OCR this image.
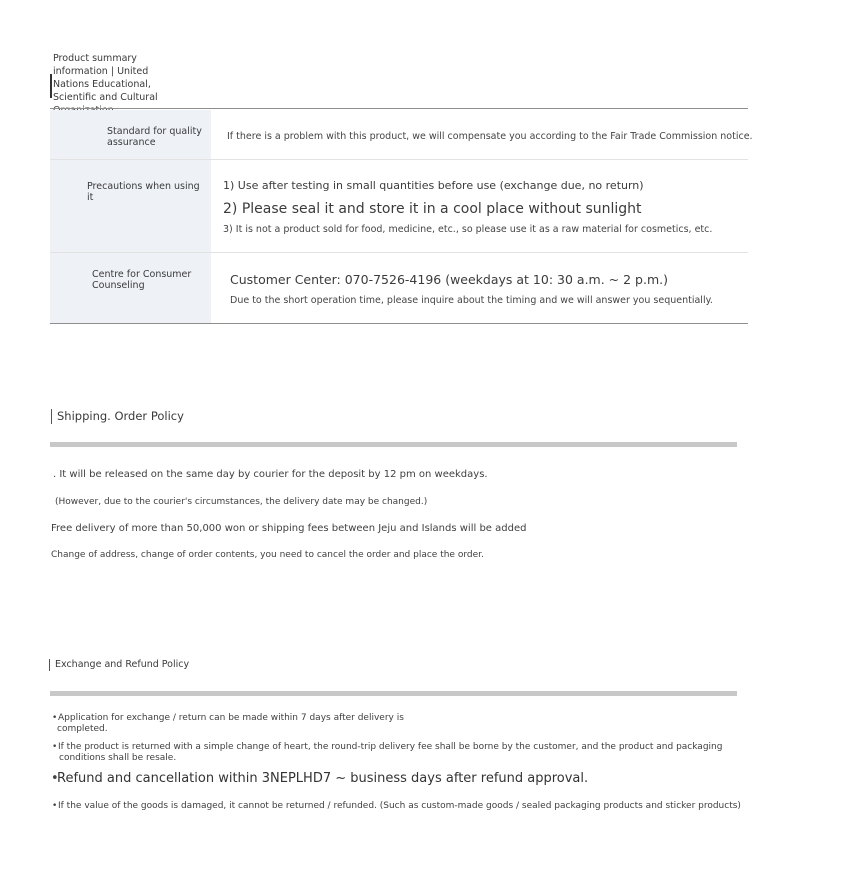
Product summary information | United Nations Educational, Scientific and Cultural
Standard for quality assurance
If there is a problem with this product, we will compensate you according to the Fair Trade Commission notice.
Precautions when using it
1) Use after testing in small quantities before use (exchange due, no return)
2) Please seal it and store it in a cool place without sunlight
3) It is not a product sold for food, medicine, etc., so please use it as a raw material for cosmetics, etc.
Centre for Consumer Counseling	Customer Center: 070-7526-4196 (weekdays at 10: 30 a.m. ~ 2 p.m.)
Due to the short operation time, please inquire about the timing and we will answer you sequentially.
Shipping. Order Policy
. It will be released on the same day by courier for the deposit by 12 pm on weekdays.
(However, due to the courier's circumstances, the delivery date may be changed.)
Free delivery of more than 50,000 won or shipping fees between Jeju and Islands will be added
Change of address, change of order contents, you need to cancel the order and place the order.
Exchange and Refund Policy
•Application for exchange / return can be made within 7 days after delivery is
completed.
•If the product is returned with a simple change of heart, the round-trip delivery fee shall be borne by the customer, and the product and packaging
conditions shall be resale.
•Refund and cancellation within 3NEPLHD7 ~ business days after refund approval.
•If the value of the goods is damaged, it cannot be returned / refunded. (Such as custom-made goods / sealed packaging products and sticker products)
